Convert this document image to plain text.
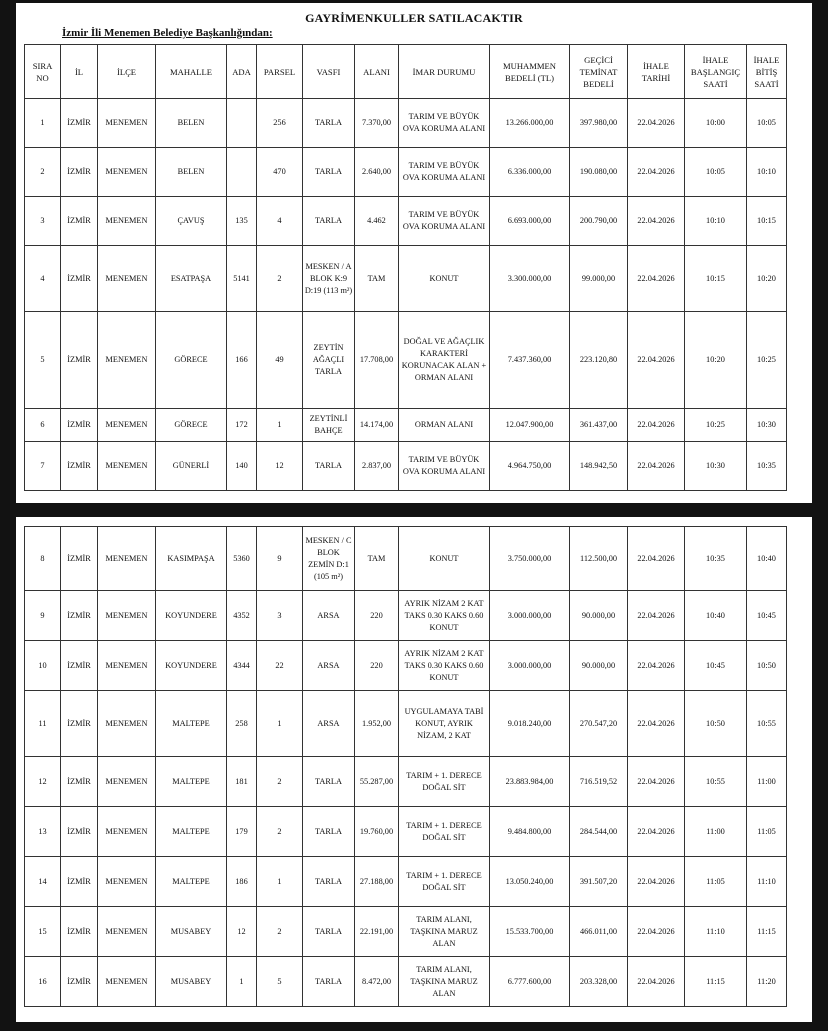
GAYRİMENKULLER SATILACAKTIR
İzmir İli Menemen Belediye Başkanlığından:
SIRA NO	İL	İLÇE	MAHALLE	ADA	PARSEL	VASFI	ALANI	İMAR DURUMU	MUHAMMEN BEDELİ (TL)	GEÇİCİ TEMİNAT BEDELİ	İHALE TARİHİ	İHALE BAŞLANGIÇ SAATİ	İHALE BİTİŞ SAATİ
1	İZMİR	MENEMEN	BELEN		256	TARLA	7.370,00	TARIM VE BÜYÜK OVA KORUMA ALANI	13.266.000,00	397.980,00	22.04.2026	10:00	10:05
2	İZMİR	MENEMEN	BELEN		470	TARLA	2.640,00	TARIM VE BÜYÜK OVA KORUMA ALANI	6.336.000,00	190.080,00	22.04.2026	10:05	10:10
3	İZMİR	MENEMEN	ÇAVUŞ	135	4	TARLA	4.462	TARIM VE BÜYÜK OVA KORUMA ALANI	6.693.000,00	200.790,00	22.04.2026	10:10	10:15
4	İZMİR	MENEMEN	ESATPAŞA	5141	2	MESKEN / A BLOK K:9 D:19 (113 m²)	TAM	KONUT	3.300.000,00	99.000,00	22.04.2026	10:15	10:20
5	İZMİR	MENEMEN	GÖRECE	166	49	ZEYTİN AĞAÇLI TARLA	17.708,00	DOĞAL VE AĞAÇLIK KARAKTERİ KORUNACAK ALAN + ORMAN ALANI	7.437.360,00	223.120,80	22.04.2026	10:20	10:25
6	İZMİR	MENEMEN	GÖRECE	172	1	ZEYTİNLİ BAHÇE	14.174,00	ORMAN ALANI	12.047.900,00	361.437,00	22.04.2026	10:25	10:30
7	İZMİR	MENEMEN	GÜNERLİ	140	12	TARLA	2.837,00	TARIM VE BÜYÜK OVA KORUMA ALANI	4.964.750,00	148.942,50	22.04.2026	10:30	10:35
8	İZMİR	MENEMEN	KASIMPAŞA	5360	9	MESKEN / C BLOK ZEMİN D:1 (105 m²)	TAM	KONUT	3.750.000,00	112.500,00	22.04.2026	10:35	10:40
9	İZMİR	MENEMEN	KOYUNDERE	4352	3	ARSA	220	AYRIK NİZAM 2 KAT TAKS 0.30 KAKS 0.60 KONUT	3.000.000,00	90.000,00	22.04.2026	10:40	10:45
10	İZMİR	MENEMEN	KOYUNDERE	4344	22	ARSA	220	AYRIK NİZAM 2 KAT TAKS 0.30 KAKS 0.60 KONUT	3.000.000,00	90.000,00	22.04.2026	10:45	10:50
11	İZMİR	MENEMEN	MALTEPE	258	1	ARSA	1.952,00	UYGULAMAYA TABİ KONUT, AYRIK NİZAM, 2 KAT	9.018.240,00	270.547,20	22.04.2026	10:50	10:55
12	İZMİR	MENEMEN	MALTEPE	181	2	TARLA	55.287,00	TARIM + 1. DERECE DOĞAL SİT	23.883.984,00	716.519,52	22.04.2026	10:55	11:00
13	İZMİR	MENEMEN	MALTEPE	179	2	TARLA	19.760,00	TARIM + 1. DERECE DOĞAL SİT	9.484.800,00	284.544,00	22.04.2026	11:00	11:05
14	İZMİR	MENEMEN	MALTEPE	186	1	TARLA	27.188,00	TARIM + 1. DERECE DOĞAL SİT	13.050.240,00	391.507,20	22.04.2026	11:05	11:10
15	İZMİR	MENEMEN	MUSABEY	12	2	TARLA	22.191,00	TARIM ALANI, TAŞKINA MARUZ ALAN	15.533.700,00	466.011,00	22.04.2026	11:10	11:15
16	İZMİR	MENEMEN	MUSABEY	1	5	TARLA	8.472,00	TARIM ALANI, TAŞKINA MARUZ ALAN	6.777.600,00	203.328,00	22.04.2026	11:15	11:20
